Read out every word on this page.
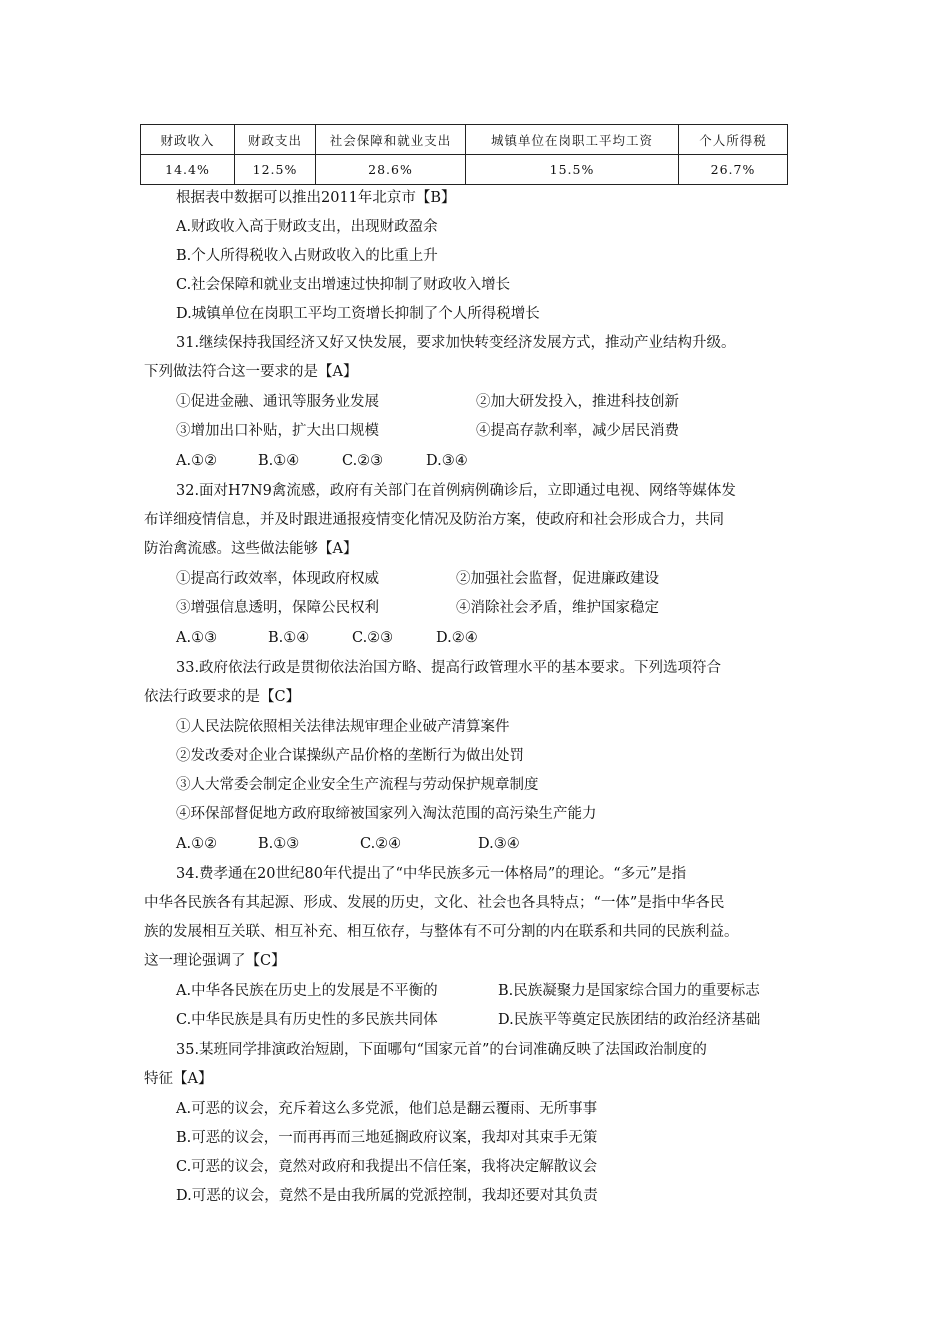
财政收入	财政支出	社会保障和就业支出	城镇单位在岗职工平均工资	个人所得税
14.4%	12.5%	28.6%	15.5%	26.7%
根据表中数据可以推出2011年北京市【B】
A.财政收入高于财政支出，出现财政盈余
B.个人所得税收入占财政收入的比重上升
C.社会保障和就业支出增速过快抑制了财政收入增长
D.城镇单位在岗职工平均工资增长抑制了个人所得税增长
31.继续保持我国经济又好又快发展，要求加快转变经济发展方式，推动产业结构升级。
下列做法符合这一要求的是【A】
①促进金融、通讯等服务业发展	②加大研发投入，推进科技创新
③增加出口补贴，扩大出口规模	④提高存款利率，减少居民消费
A.①②	B.①④	C.②③	D.③④
32.面对H7N9禽流感，政府有关部门在首例病例确诊后，立即通过电视、网络等媒体发
布详细疫情信息，并及时跟进通报疫情变化情况及防治方案，使政府和社会形成合力，共同
防治禽流感。这些做法能够【A】
①提高行政效率，体现政府权威	②加强社会监督，促进廉政建设
③增强信息透明，保障公民权利	④消除社会矛盾，维护国家稳定
A.①③	B.①④	C.②③	D.②④
33.政府依法行政是贯彻依法治国方略、提高行政管理水平的基本要求。下列选项符合
依法行政要求的是【C】
①人民法院依照相关法律法规审理企业破产清算案件
②发改委对企业合谋操纵产品价格的垄断行为做出处罚
③人大常委会制定企业安全生产流程与劳动保护规章制度
④环保部督促地方政府取缔被国家列入淘汰范围的高污染生产能力
A.①②	B.①③	C.②④	D.③④
34.费孝通在20世纪80年代提出了“中华民族多元一体格局”的理论。“多元”是指
中华各民族各有其起源、形成、发展的历史，文化、社会也各具特点；“一体”是指中华各民
族的发展相互关联、相互补充、相互依存，与整体有不可分割的内在联系和共同的民族利益。
这一理论强调了【C】
A.中华各民族在历史上的发展是不平衡的	B.民族凝聚力是国家综合国力的重要标志
C.中华民族是具有历史性的多民族共同体	D.民族平等奠定民族团结的政治经济基础
35.某班同学排演政治短剧，下面哪句“国家元首”的台词准确反映了法国政治制度的
特征【A】
A.可恶的议会，充斥着这么多党派，他们总是翻云覆雨、无所事事
B.可恶的议会，一而再再而三地延搁政府议案，我却对其束手无策
C.可恶的议会，竟然对政府和我提出不信任案，我将决定解散议会
D.可恶的议会，竟然不是由我所属的党派控制，我却还要对其负责
